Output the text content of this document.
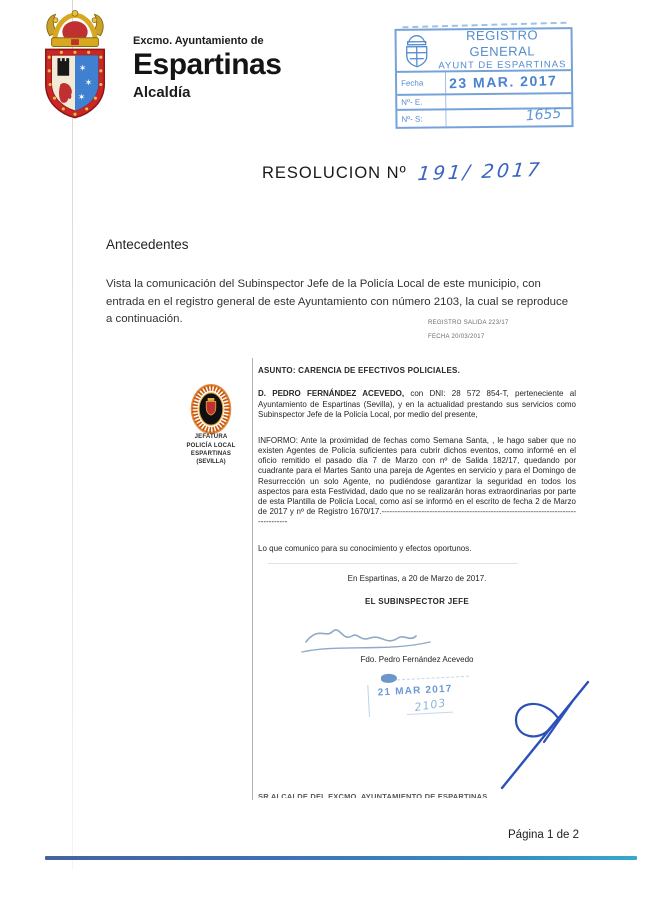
✶
✶
✶
Excmo. Ayuntamiento de
Espartinas
Alcaldía
REGISTRO GENERAL
AYUNT DE ESPARTINAS
Fecha	23 MAR. 2017
Nº- E.
Nº- S:	1655
RESOLUCION Nº 191/ 2017
Antecedentes
Vista la comunicación del Subinspector Jefe de la Policía Local de este municipio, con entrada en el registro general de este Ayuntamiento con número 2103, la cual se reproduce a continuación.	REGISTRO SALIDA 223/17
FECHA 20/03/2017
JEFATURA
POLICÍA LOCAL
ESPARTINAS
(SEVILLA)
ASUNTO: CARENCIA DE EFECTIVOS POLICIALES.
D. PEDRO FERNÁNDEZ ACEVEDO, con DNI: 28 572 854-T, perteneciente al Ayuntamiento de Espartinas (Sevilla), y en la actualidad prestando sus servicios como Subinspector Jefe de la Policía Local, por medio del presente,
INFORMO: Ante la proximidad de fechas como Semana Santa, , le hago saber que no existen Agentes de Policía suficientes para cubrir dichos eventos, como informé en el oficio remitido el pasado día 7 de Marzo con nº de Salida 182/17, quedando por cuadrante para el Martes Santo una pareja de Agentes en servicio y para el Domingo de Resurrección un solo Agente, no pudiéndose garantizar la seguridad en todos los aspectos para esta Festividad, dado que no se realizarán horas extraordinarias por parte de esta Plantilla de Policía Local, como así se informó en el escrito de fecha 2 de Marzo de 2017 y nº de Registro 1670/17.------------------------------------------------------------------------------------
Lo que comunico para su conocimiento y efectos oportunos.
En Espartinas, a 20 de Marzo de 2017.
EL SUBINSPECTOR JEFE
Fdo. Pedro Fernández Acevedo
21 MAR 2017
2103
SR ALCALDE DEL EXCMO. AYUNTAMIENTO DE ESPARTINAS
Página 1 de 2
